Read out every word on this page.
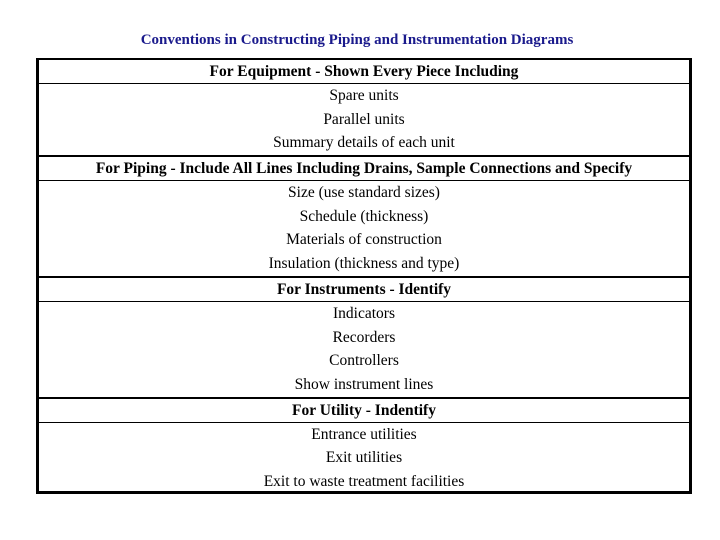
Conventions in Constructing Piping and Instrumentation Diagrams
For Equipment - Shown Every Piece Including
Spare units
Parallel units
Summary details of each unit
For Piping - Include All Lines Including Drains, Sample Connections and Specify
Size (use standard sizes)
Schedule (thickness)
Materials of construction
Insulation (thickness and type)
For Instruments - Identify
Indicators
Recorders
Controllers
Show instrument lines
For Utility - Indentify
Entrance utilities
Exit utilities
Exit to waste treatment facilities
